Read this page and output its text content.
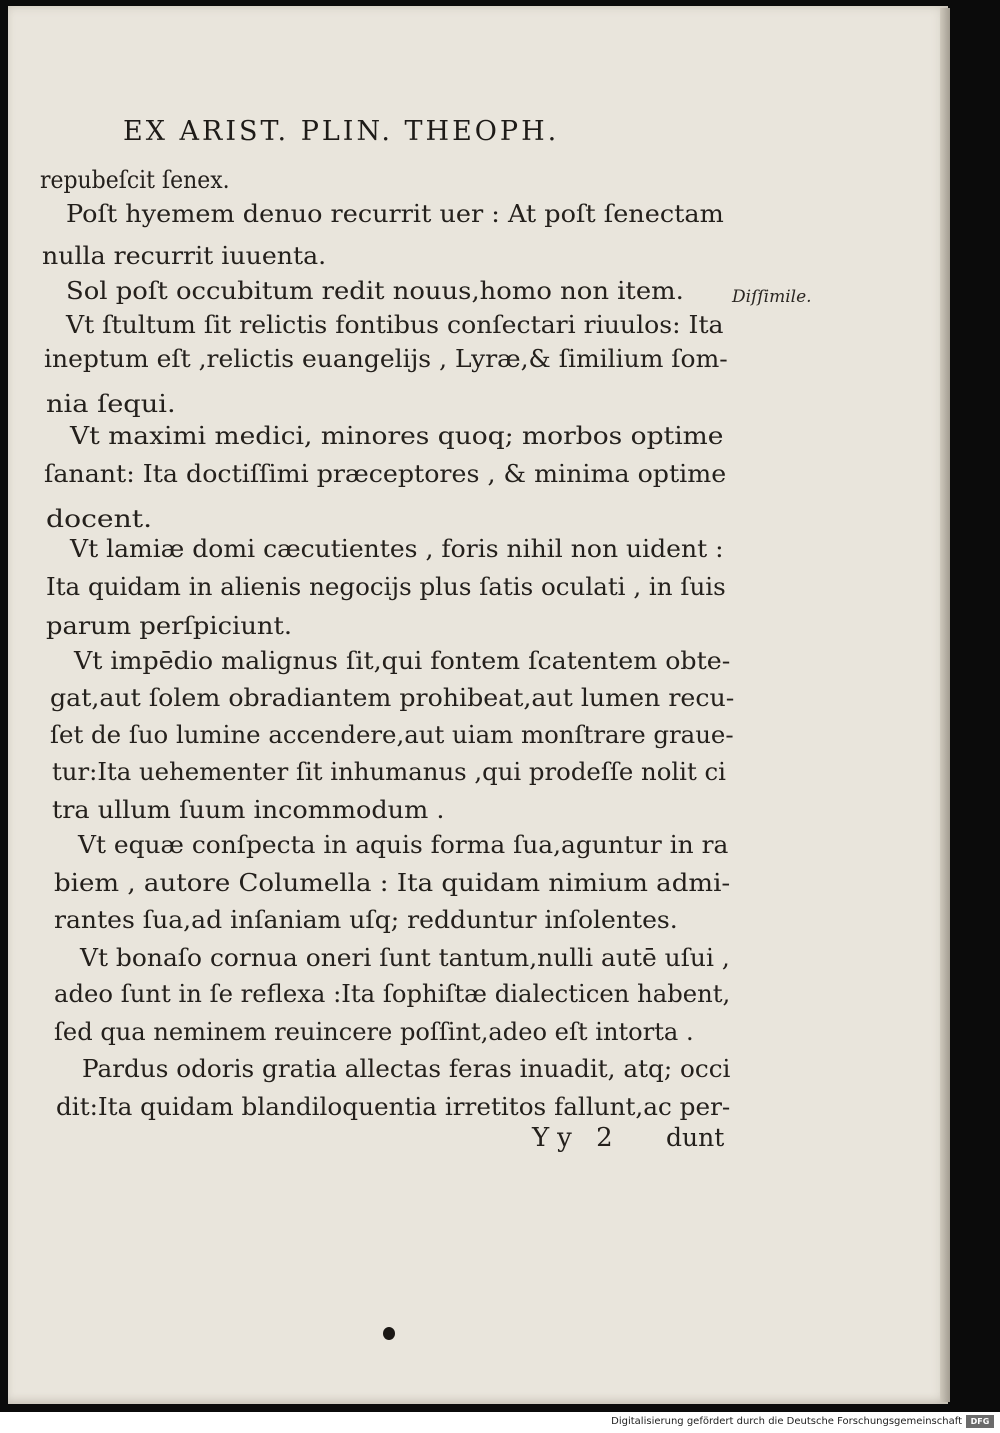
EX ARIST. PLIN. THEOPH.
repubeſcit ſenex.
Poſt hyemem denuo recurrit uer : At poſt ſenectam
nulla recurrit iuuenta.
Sol poſt occubitum redit nouus,homo non item.
Vt ſtultum ſit relictis fontibus conſectari riuulos: Ita
ineptum eſt ,relictis euangelijs , Lyræ,& ſimilium ſom-
nia ſequi.
Vt maximi medici, minores quoq; morbos optime
ſanant: Ita doctiſſimi præceptores , & minima optime
docent.
Vt lamiæ domi cæcutientes , foris nihil non uident :
Ita quidam in alienis negocijs plus ſatis oculati , in ſuis
parum perſpiciunt.
Vt impēdio malignus ſit,qui fontem ſcatentem obte-
gat,aut ſolem obradiantem prohibeat,aut lumen recu-
ſet de ſuo lumine accendere,aut uiam monſtrare graue-
tur:Ita uehementer ſit inhumanus ,qui prodeſſe nolit ci
tra ullum ſuum incommodum .
Vt equæ conſpecta in aquis forma ſua,aguntur in ra
biem , autore Columella : Ita quidam nimium admi-
rantes ſua,ad inſaniam uſq; redduntur inſolentes.
Vt bonaſo cornua oneri ſunt tantum,nulli autē uſui ,
adeo ſunt in ſe reflexa :Ita ſophiſtæ dialecticen habent,
ſed qua neminem reuincere poſſint,adeo eſt intorta .
Pardus odoris gratia allectas feras inuadit, atq; occi
dit:Ita quidam blandiloquentia irretitos fallunt,ac per-
Diſſimile.
Yy 2 dunt
Digitalisierung gefördert durch die Deutsche Forschungsgemeinschaft	DFG
